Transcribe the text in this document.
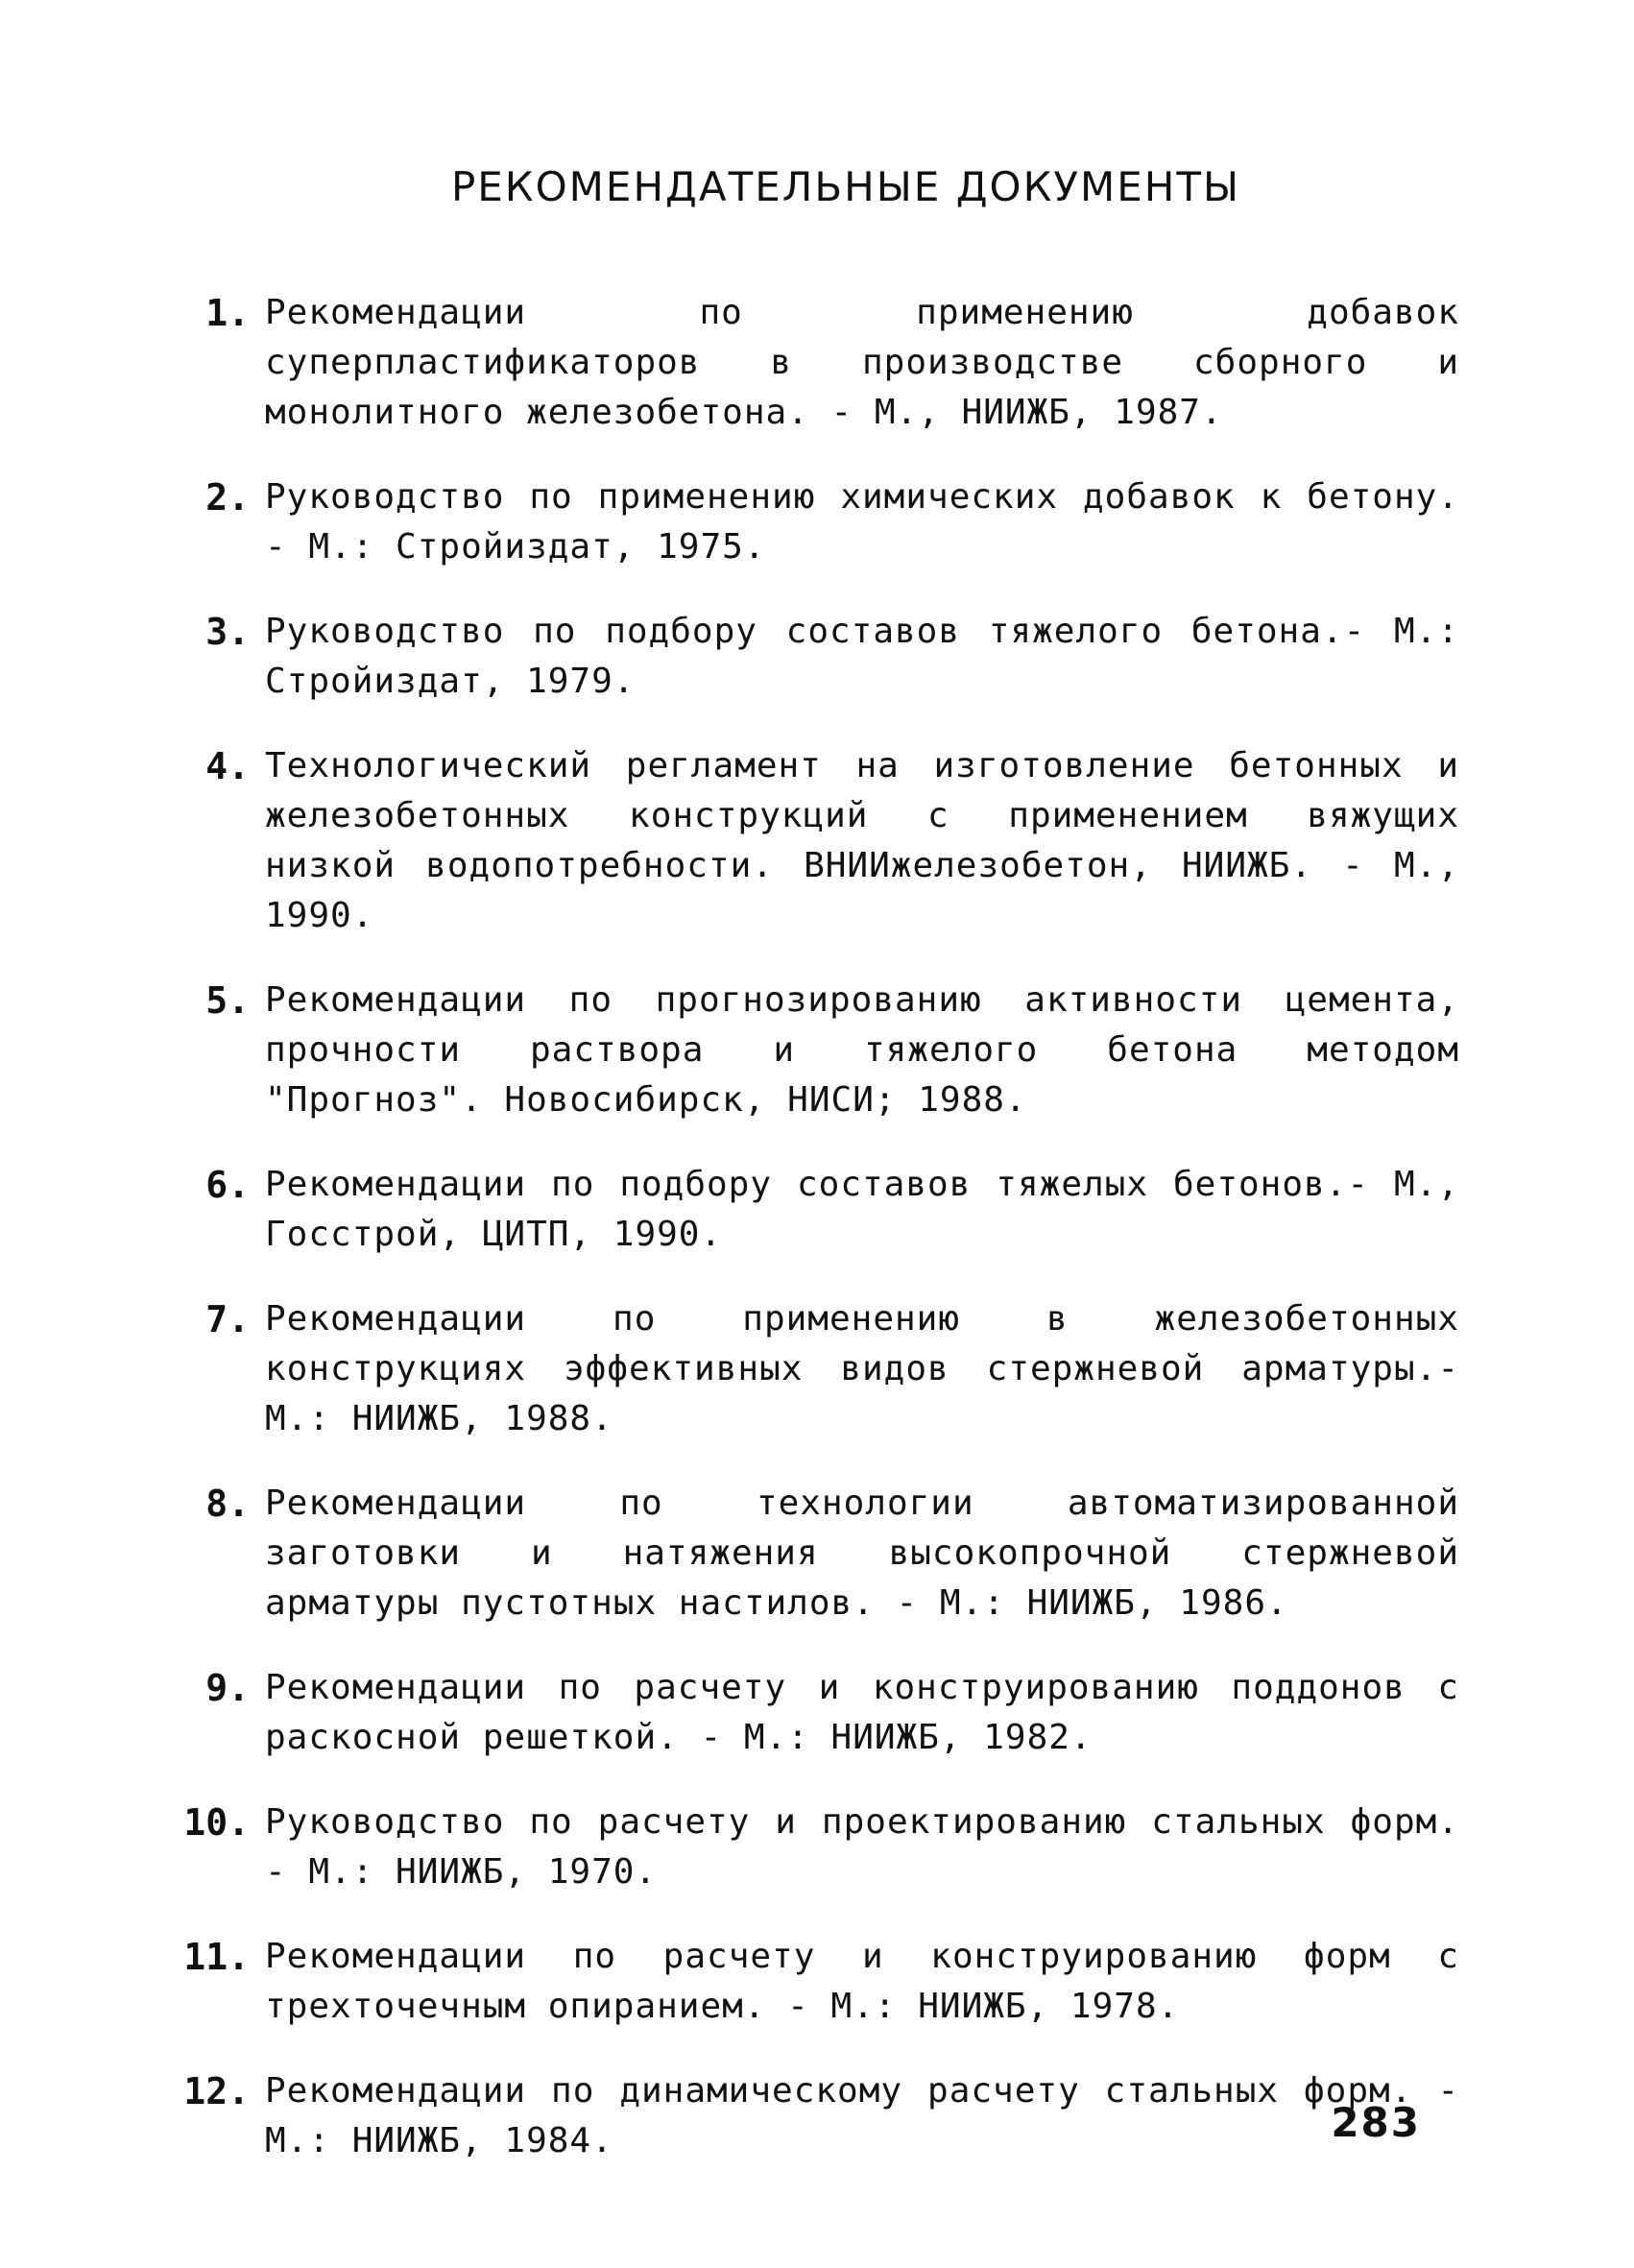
РЕКОМЕНДАТЕЛЬНЫЕ ДОКУМЕНТЫ
1. Рекомендации по применению добавок суперпластификаторов в производстве сборного и монолитного железобетона. - М., НИИЖБ, 1987.
2. Руководство по применению химических добавок к бетону. - М.: Стройиздат, 1975.
3. Руководство по подбору составов тяжелого бетона.- М.: Стройиздат, 1979.
4. Технологический регламент на изготовление бетонных и железобетонных конструкций с применением вяжущих низкой водопотребности. ВНИИжелезобетон, НИИЖБ. - М., 1990.
5. Рекомендации по прогнозированию активности цемента, прочности раствора и тяжелого бетона методом "Прогноз". Новосибирск, НИСИ; 1988.
6. Рекомендации по подбору составов тяжелых бетонов.- М., Госстрой, ЦИТП, 1990.
7. Рекомендации по применению в железобетонных конструкциях эффективных видов стержневой арматуры.- М.: НИИЖБ, 1988.
8. Рекомендации по технологии автоматизированной заготовки и натяжения высокопрочной стержневой арматуры пустотных настилов. - М.: НИИЖБ, 1986.
9. Рекомендации по расчету и конструированию поддонов с раскосной решеткой. - М.: НИИЖБ, 1982.
10. Руководство по расчету и проектированию стальных форм. - М.: НИИЖБ, 1970.
11. Рекомендации по расчету и конструированию форм с трехточечным опиранием. - М.: НИИЖБ, 1978.
12. Рекомендации по динамическому расчету стальных форм. - М.: НИИЖБ, 1984.	283
